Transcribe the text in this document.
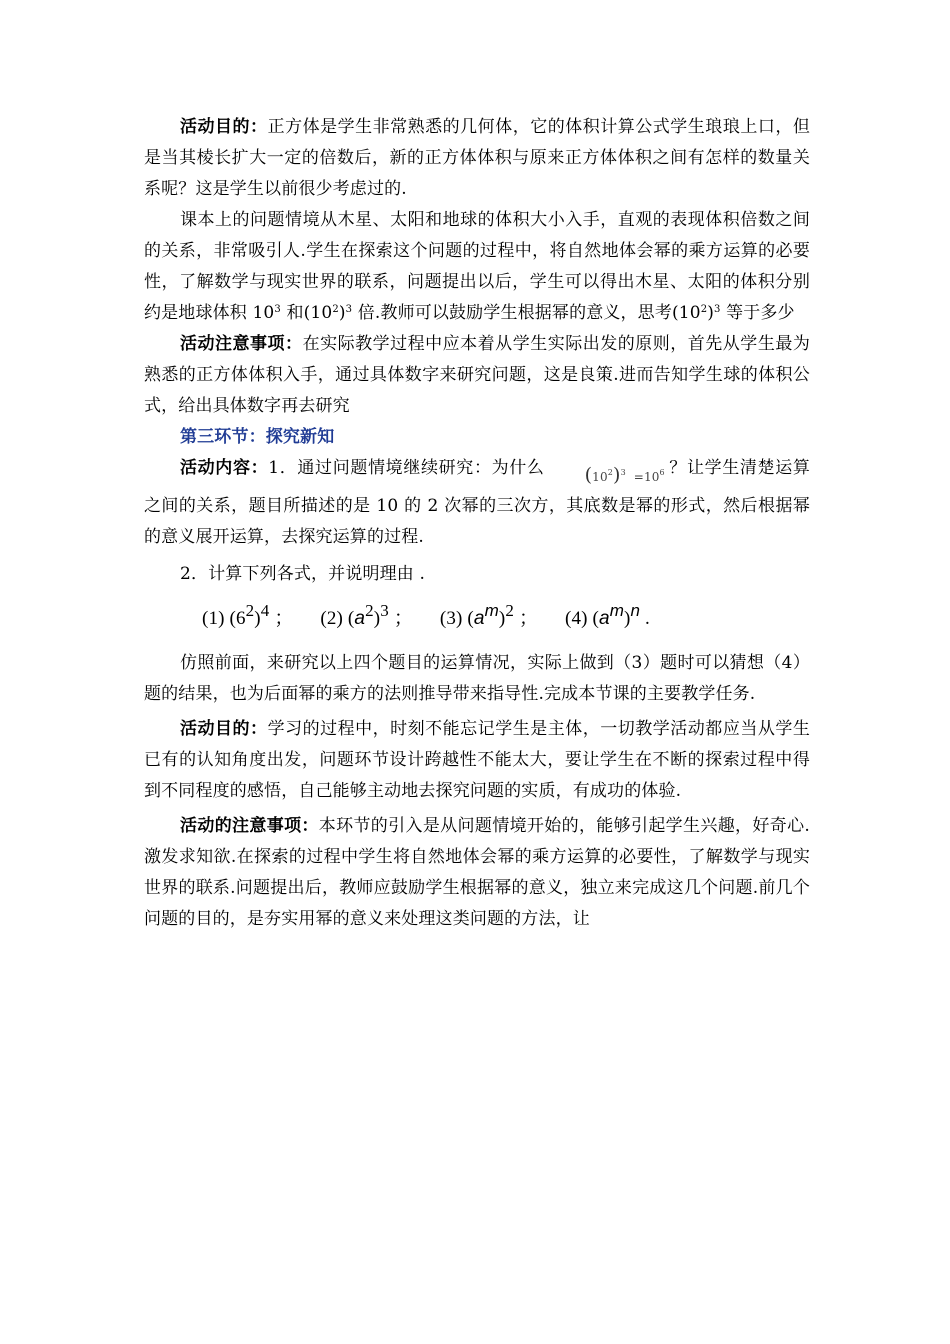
活动目的：正方体是学生非常熟悉的几何体，它的体积计算公式学生琅琅上口，但是当其棱长扩大一定的倍数后，新的正方体体积与原来正方体体积之间有怎样的数量关系呢？这是学生以前很少考虑过的.

课本上的问题情境从木星、太阳和地球的体积大小入手，直观的表现体积倍数之间的关系，非常吸引人.学生在探索这个问题的过程中，将自然地体会幂的乘方运算的必要性，了解数学与现实世界的联系，问题提出以后，学生可以得出木星、太阳的体积分别约是地球体积 $10^3$ 和$(10^2)^3$ 倍.教师可以鼓励学生根据幂的意义，思考$(10^2)^3$ 等于多少

活动注意事项：在实际教学过程中应本着从学生实际出发的原则，首先从学生最为熟悉的正方体体积入手，通过具体数字来研究问题，这是良策.进而告知学生球的体积公式，给出具体数字再去研究

第三环节：探究新知

活动内容：1．通过问题情境继续研究：为什么 $(10^2)^3 =10^6$ ？让学生清楚运算之间的关系，题目所描述的是 10 的 2 次幂的三次方，其底数是幂的形式，然后根据幂的意义展开运算，去探究运算的过程.

2．计算下列各式，并说明理由 .

(1) $(6^2)^4$ ； (2) $(a^2)^3$ ； (3) $(a^m)^2$ ； (4) $(a^m)^n$ .

仿照前面，来研究以上四个题目的运算情况，实际上做到（3）题时可以猜想（4）题的结果，也为后面幂的乘方的法则推导带来指导性.完成本节课的主要教学任务.

活动目的：学习的过程中，时刻不能忘记学生是主体，一切教学活动都应当从学生已有的认知角度出发，问题环节设计跨越性不能太大，要让学生在不断的探索过程中得到不同程度的感悟，自己能够主动地去探究问题的实质，有成功的体验.

活动的注意事项：本环节的引入是从问题情境开始的，能够引起学生兴趣，好奇心.激发求知欲.在探索的过程中学生将自然地体会幂的乘方运算的必要性，了解数学与现实世界的联系.问题提出后，教师应鼓励学生根据幂的意义，独立来完成这几个问题.前几个问题的目的，是夯实用幂的意义来处理这类问题的方法，让
